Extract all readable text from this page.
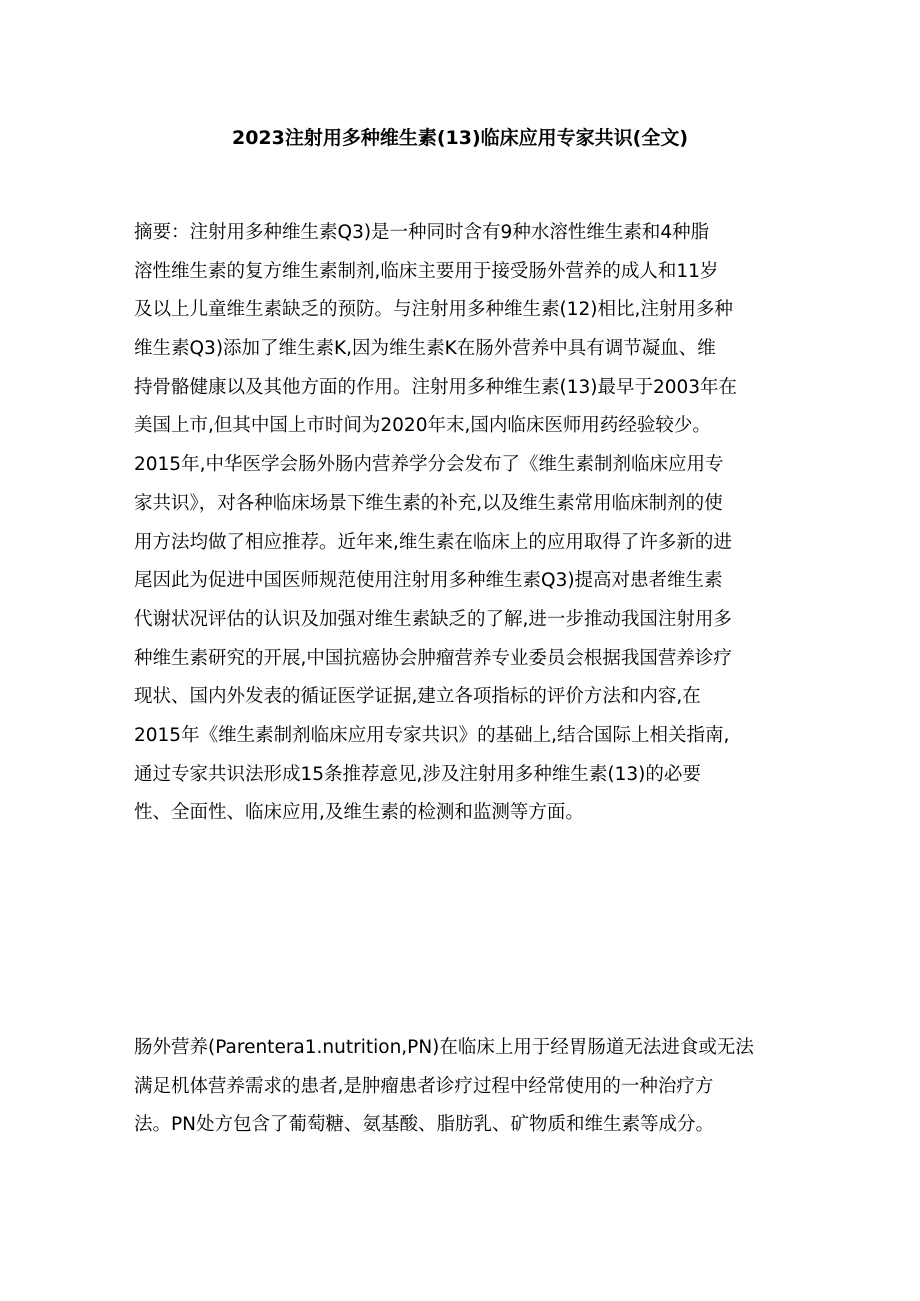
2023注射用多种维生素(13)临床应用专家共识(全文)
摘要：注射用多种维生素Q3)是一种同时含有9种水溶性维生素和4种脂
溶性维生素的复方维生素制剂,临床主要用于接受肠外营养的成人和11岁
及以上儿童维生素缺乏的预防。与注射用多种维生素(12)相比,注射用多种
维生素Q3)添加了维生素K,因为维生素K在肠外营养中具有调节凝血、维
持骨骼健康以及其他方面的作用。注射用多种维生素(13)最早于2003年在
美国上市,但其中国上市时间为2020年末,国内临床医师用药经验较少。
2015年,中华医学会肠外肠内营养学分会发布了《维生素制剂临床应用专
家共识》，对各种临床场景下维生素的补充,以及维生素常用临床制剂的使
用方法均做了相应推荐。近年来,维生素在临床上的应用取得了许多新的进
尾因此为促进中国医师规范使用注射用多种维生素Q3)提高对患者维生素
代谢状况评估的认识及加强对维生素缺乏的了解,进一步推动我国注射用多
种维生素研究的开展,中国抗癌协会肿瘤营养专业委员会根据我国营养诊疗
现状、国内外发表的循证医学证据,建立各项指标的评价方法和内容,在
2015年《维生素制剂临床应用专家共识》的基础上,结合国际上相关指南,
通过专家共识法形成15条推荐意见,涉及注射用多种维生素(13)的必要
性、全面性、临床应用,及维生素的检测和监测等方面。
肠外营养(Parentera1.nutrition,PN)在临床上用于经胃肠道无法进食或无法
满足机体营养需求的患者,是肿瘤患者诊疗过程中经常使用的一种治疗方
法。PN处方包含了葡萄糖、氨基酸、脂肪乳、矿物质和维生素等成分。
